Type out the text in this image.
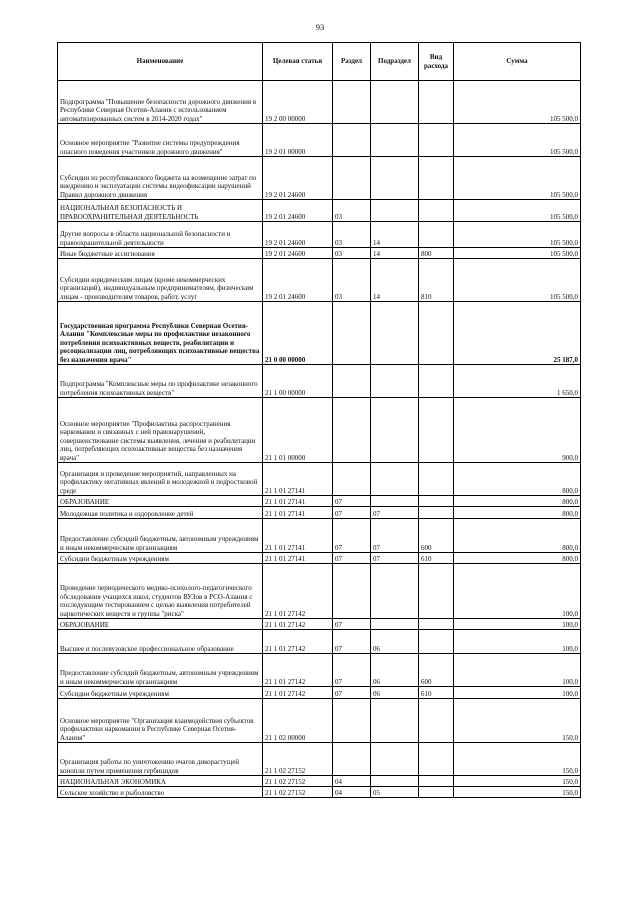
93
Наименование	Целевая статья	Раздел	Подраздел	Вид расхода	Сумма
Подпрограмма "Повышение безопасности дорожного движения в Республике Северная Осетия-Алания с использованием автоматизированных систем в 2014-2020 годах"	19 2 00 00000				105 500,0
Основное мероприятие "Развитие системы предупреждения опасного поведения участников дорожного движения"	19 2 01 00000				105 500,0
Субсидии из республиканского бюджета на возмещение затрат по внедрению и эксплуатации системы видеофиксации нарушений Правил дорожного движения	19 2 01 24600				105 500,0
НАЦИОНАЛЬНАЯ БЕЗОПАСНОСТЬ И ПРАВООХРАНИТЕЛЬНАЯ ДЕЯТЕЛЬНОСТЬ	19 2 01 24600	03			105 500,0
Другие вопросы в области национальной безопасности и правоохранительной деятельности	19 2 01 24600	03	14		105 500,0
Иные бюджетные ассигнования	19 2 01 24600	03	14	800	105 500,0
Субсидии юридическим лицам (кроме некоммерческих организаций), индивидуальным предпринимателям, физическим лицам - производителям товаров, работ, услуг	19 2 01 24600	03	14	810	105 500,0
Государственная программа Республики Северная Осетия-Алания "Комплексные меры по профилактике незаконного потребления психоактивных веществ, реабилитации и ресоциализации лиц, потребляющих психоактивные вещества без назначения врача"	21 0 00 00000				25 187,0
Подпрограмма "Комплексные меры по профилактике незаконного потребления психоактивных веществ"	21 1 00 00000				1 650,0
Основное мероприятие "Профилактика распространения наркомании и связанных с ней правонарушений, совершенствование системы выявления, лечения и реабилитации лиц, потребляющих психоактивные вещества без назначения врача"	21 1 01 00000				900,0
Организация и проведение мероприятий, направленных на профилактику негативных явлений в молодежной и подростковой среде	21 1 01 27141				800,0
ОБРАЗОВАНИЕ	21 1 01 27141	07			800,0
Молодежная политика и оздоровление детей	21 1 01 27141	07	07		800,0
Предоставление субсидий бюджетным, автономным учреждениям и иным некоммерческим организациям	21 1 01 27141	07	07	600	800,0
Субсидии бюджетным учреждениям	21 1 01 27141	07	07	610	800,0
Проведение периодического медико-психолого-педагогического обследования учащихся школ, студентов ВУЗов в РСО-Алания с последующим тестированием с целью выявления потребителей наркотических веществ и группы "риска"	21 1 01 27142				100,0
ОБРАЗОВАНИЕ	21 1 01 27142	07			100,0
Высшее и послевузовское профессиональное образование	21 1 01 27142	07	06		100,0
Предоставление субсидий бюджетным, автономным учреждениям и иным некоммерческим организациям	21 1 01 27142	07	06	600	100,0
Субсидии бюджетным учреждениям	21 1 01 27142	07	06	610	100,0
Основное мероприятие "Организация взаимодействия субъектов профилактики наркомании в Республике Северная Осетия-Алания"	21 1 02 00000				150,0
Организация работы по уничтожению очагов дикорастущей конопли путем применения гербицидов	21 1 02 27152				150,0
НАЦИОНАЛЬНАЯ ЭКОНОМИКА	21 1 02 27152	04			150,0
Сельское хозяйство и рыболовство	21 1 02 27152	04	05		150,0
